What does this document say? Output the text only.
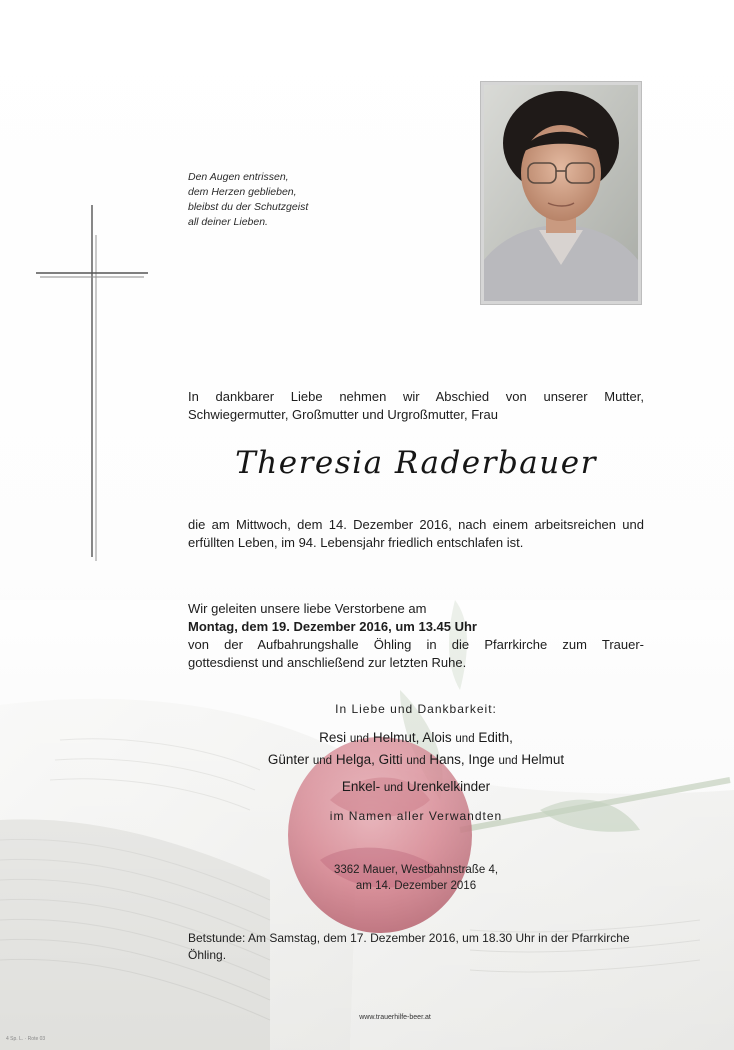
Den Augen entrissen,
dem Herzen geblieben,
bleibst du der Schutzgeist
all deiner Lieben.
In dankbarer Liebe nehmen wir Abschied von unserer Mutter,
Schwiegermutter, Großmutter und Urgroßmutter, Frau
Theresia Raderbauer
die am Mittwoch, dem 14. Dezember 2016, nach einem arbeitsreichen und erfüllten Leben, im 94. Lebensjahr friedlich entschlafen ist.
Wir geleiten unsere liebe Verstorbene am
Montag, dem 19. Dezember 2016, um 13.45 Uhr
von der Aufbahrungshalle Öhling in die Pfarrkirche zum Trauer-
gottesdienst und anschließend zur letzten Ruhe.
In Liebe und Dankbarkeit:
Resi und Helmut, Alois und Edith,
Günter und Helga, Gitti und Hans, Inge und Helmut
Enkel- und Urenkelkinder
im Namen aller Verwandten
3362 Mauer, Westbahnstraße 4,
am 14. Dezember 2016
Betstunde: Am Samstag, dem 17. Dezember 2016, um 18.30 Uhr in der Pfarrkirche Öhling.
www.trauerhilfe-beer.at
4 Sp. L. · Rote 03
